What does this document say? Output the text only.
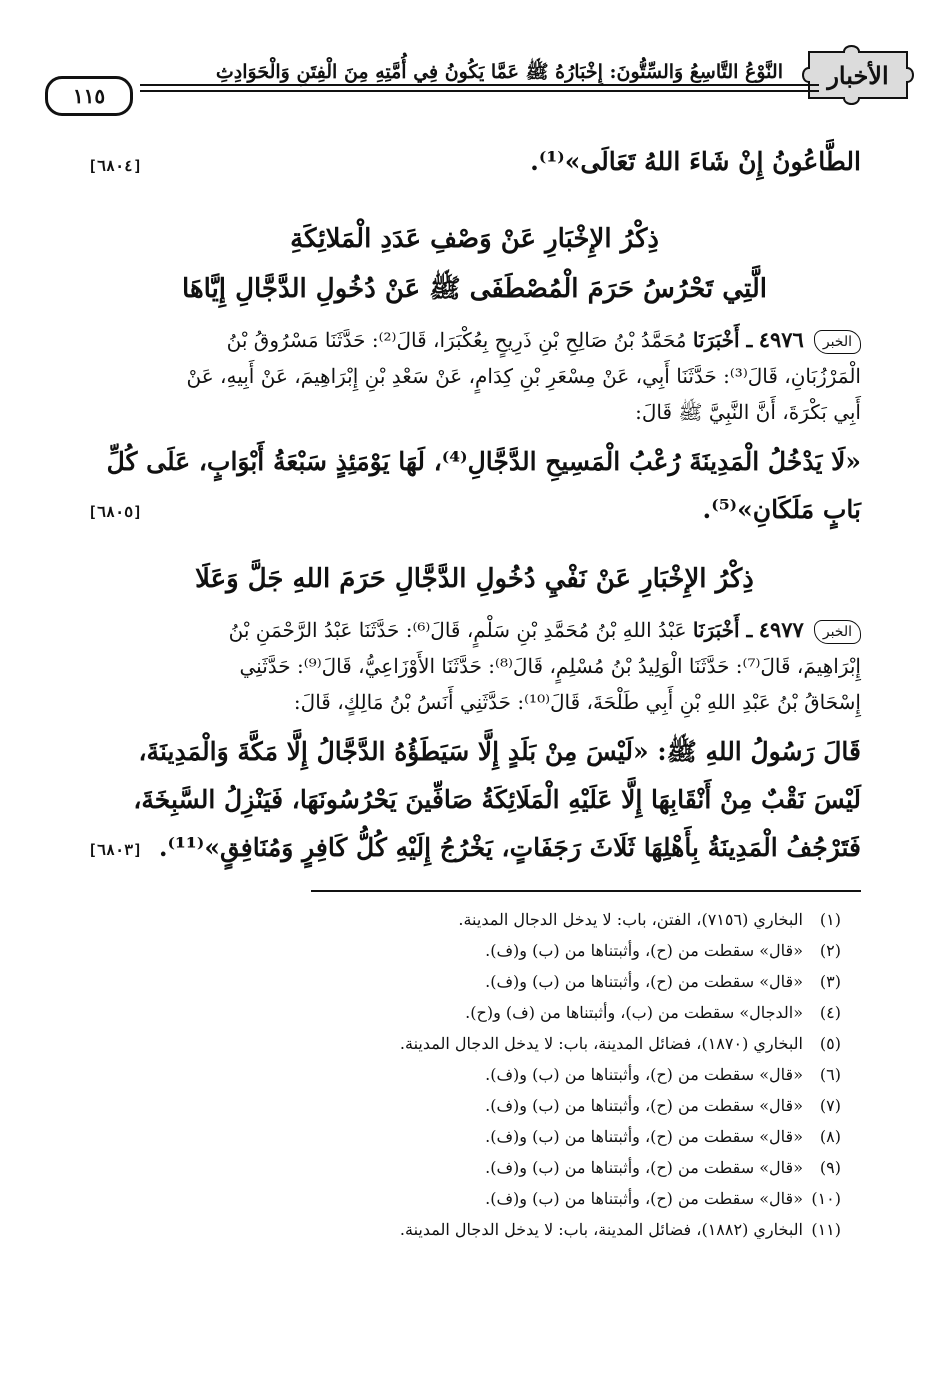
الأخبار
النَّوْعُ التَّاسِعُ وَالسِّتُّونَ: إِخْبَارُهُ ﷺ عَمَّا يَكُونُ فِي أُمَّتِهِ مِنَ الْفِتَنِ وَالْحَوَادِثِ
١١٥
الطَّاعُونُ إِنْ شَاءَ اللهُ تَعَالَى»⁽¹⁾.
[٦٨٠٤]
ذِكْرُ الإِخْبَارِ عَنْ وَصْفِ عَدَدِ الْمَلائِكَةِ
الَّتِي تَحْرُسُ حَرَمَ الْمُصْطَفَى ﷺ عَنْ دُخُولِ الدَّجَّالِ إِيَّاهَا
الخبر٤٩٧٦ ـ أَخْبَرَنَا مُحَمَّدُ بْنُ صَالِحِ بْنِ ذَرِيحٍ بِعُكْبَرَا، قَالَ⁽²⁾: حَدَّثَنَا مَسْرُوقُ بْنُ
الْمَرْزُبَانِ، قَالَ⁽³⁾: حَدَّثَنَا أَبِي، عَنْ مِسْعَرِ بْنِ كِدَامٍ، عَنْ سَعْدِ بْنِ إِبْرَاهِيمَ، عَنْ أَبِيهِ، عَنْ
أَبِي بَكْرَةَ، أَنَّ النَّبِيَّ ﷺ قَالَ:
«لَا يَدْخُلُ الْمَدِينَةَ رُعْبُ الْمَسِيحِ الدَّجَّالِ⁽⁴⁾، لَهَا يَوْمَئِذٍ سَبْعَةُ أَبْوَابٍ، عَلَى كُلِّ
بَابٍ مَلَكَانِ»⁽⁵⁾.
[٦٨٠٥]
ذِكْرُ الإِخْبَارِ عَنْ نَفْيِ دُخُولِ الدَّجَّالِ حَرَمَ اللهِ جَلَّ وَعَلَا
الخبر٤٩٧٧ ـ أَخْبَرَنَا عَبْدُ اللهِ بْنُ مُحَمَّدِ بْنِ سَلْمٍ، قَالَ⁽⁶⁾: حَدَّثَنَا عَبْدُ الرَّحْمَنِ بْنُ
إِبْرَاهِيمَ، قَالَ⁽⁷⁾: حَدَّثَنَا الْوَلِيدُ بْنُ مُسْلِمٍ، قَالَ⁽⁸⁾: حَدَّثَنَا الأَوْزَاعِيُّ، قَالَ⁽⁹⁾: حَدَّثَنِي
إِسْحَاقُ بْنُ عَبْدِ اللهِ بْنِ أَبِي طَلْحَةَ، قَالَ⁽¹⁰⁾: حَدَّثَنِي أَنَسُ بْنُ مَالِكٍ، قَالَ:
قَالَ رَسُولُ اللهِ ﷺ: «لَيْسَ مِنْ بَلَدٍ إِلَّا سَيَطَؤُهُ الدَّجَّالُ إِلَّا مَكَّةَ وَالْمَدِينَةَ،
لَيْسَ نَقْبٌ مِنْ أَنْقَابِهَا إِلَّا عَلَيْهِ الْمَلَائِكَةُ صَافِّينَ يَحْرُسُونَهَا، فَيَنْزِلُ السَّبِخَةَ،
فَتَرْجُفُ الْمَدِينَةُ بِأَهْلِهَا ثَلَاثَ رَجَفَاتٍ، يَخْرُجُ إِلَيْهِ كُلُّ كَافِرٍ وَمُنَافِقٍ»⁽¹¹⁾.
[٦٨٠٣]
(١)البخاري (٧١٥٦)، الفتن، باب: لا يدخل الدجال المدينة.
(٢)«قال» سقطت من (ح)، وأثبتناها من (ب) و(ف).
(٣)«قال» سقطت من (ح)، وأثبتناها من (ب) و(ف).
(٤)«الدجال» سقطت من (ب)، وأثبتناها من (ف) و(ح).
(٥)البخاري (١٨٧٠)، فضائل المدينة، باب: لا يدخل الدجال المدينة.
(٦)«قال» سقطت من (ح)، وأثبتناها من (ب) و(ف).
(٧)«قال» سقطت من (ح)، وأثبتناها من (ب) و(ف).
(٨)«قال» سقطت من (ح)، وأثبتناها من (ب) و(ف).
(٩)«قال» سقطت من (ح)، وأثبتناها من (ب) و(ف).
(١٠)«قال» سقطت من (ح)، وأثبتناها من (ب) و(ف).
(١١)البخاري (١٨٨٢)، فضائل المدينة، باب: لا يدخل الدجال المدينة.
